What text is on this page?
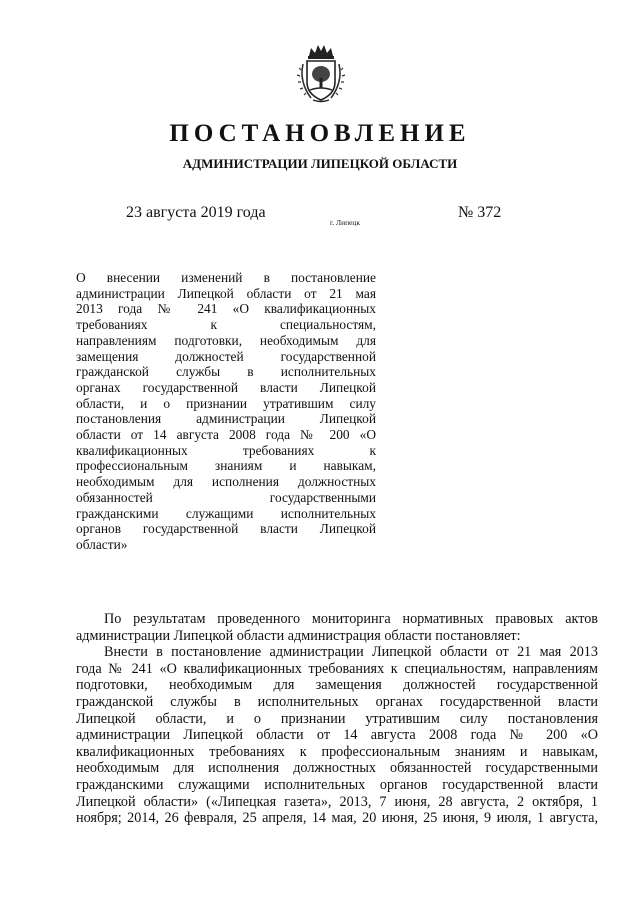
ПОСТАНОВЛЕНИЕ
АДМИНИСТРАЦИИ ЛИПЕЦКОЙ ОБЛАСТИ
23 августа 2019 года
г. Липецк
№ 372
О внесении изменений в постановление
администрации Липецкой области от 21 мая
2013 года № 241 «О квалификационных
требованиях к специальностям,
направлениям подготовки, необходимым для
замещения должностей государственной
гражданской службы в исполнительных
органах государственной власти Липецкой
области, и о признании утратившим силу
постановления администрации Липецкой
области от 14 августа 2008 года № 200 «О
квалификационных требованиях к
профессиональным знаниям и навыкам,
необходимым для исполнения должностных
обязанностей государственными
гражданскими служащими исполнительных
органов государственной власти Липецкой
области»
По результатам проведенного мониторинга нормативных правовых актов
администрации Липецкой области администрация области постановляет:
Внести в постановление администрации Липецкой области от 21 мая 2013
года № 241 «О квалификационных требованиях к специальностям, направлениям
подготовки, необходимым для замещения должностей государственной
гражданской службы в исполнительных органах государственной власти
Липецкой области, и о признании утратившим силу постановления
администрации Липецкой области от 14 августа 2008 года № 200 «О
квалификационных требованиях к профессиональным знаниям и навыкам,
необходимым для исполнения должностных обязанностей государственными
гражданскими служащими исполнительных органов государственной власти
Липецкой области» («Липецкая газета», 2013, 7 июня, 28 августа, 2 октября, 1
ноября; 2014, 26 февраля, 25 апреля, 14 мая, 20 июня, 25 июня, 9 июля, 1 августа,
